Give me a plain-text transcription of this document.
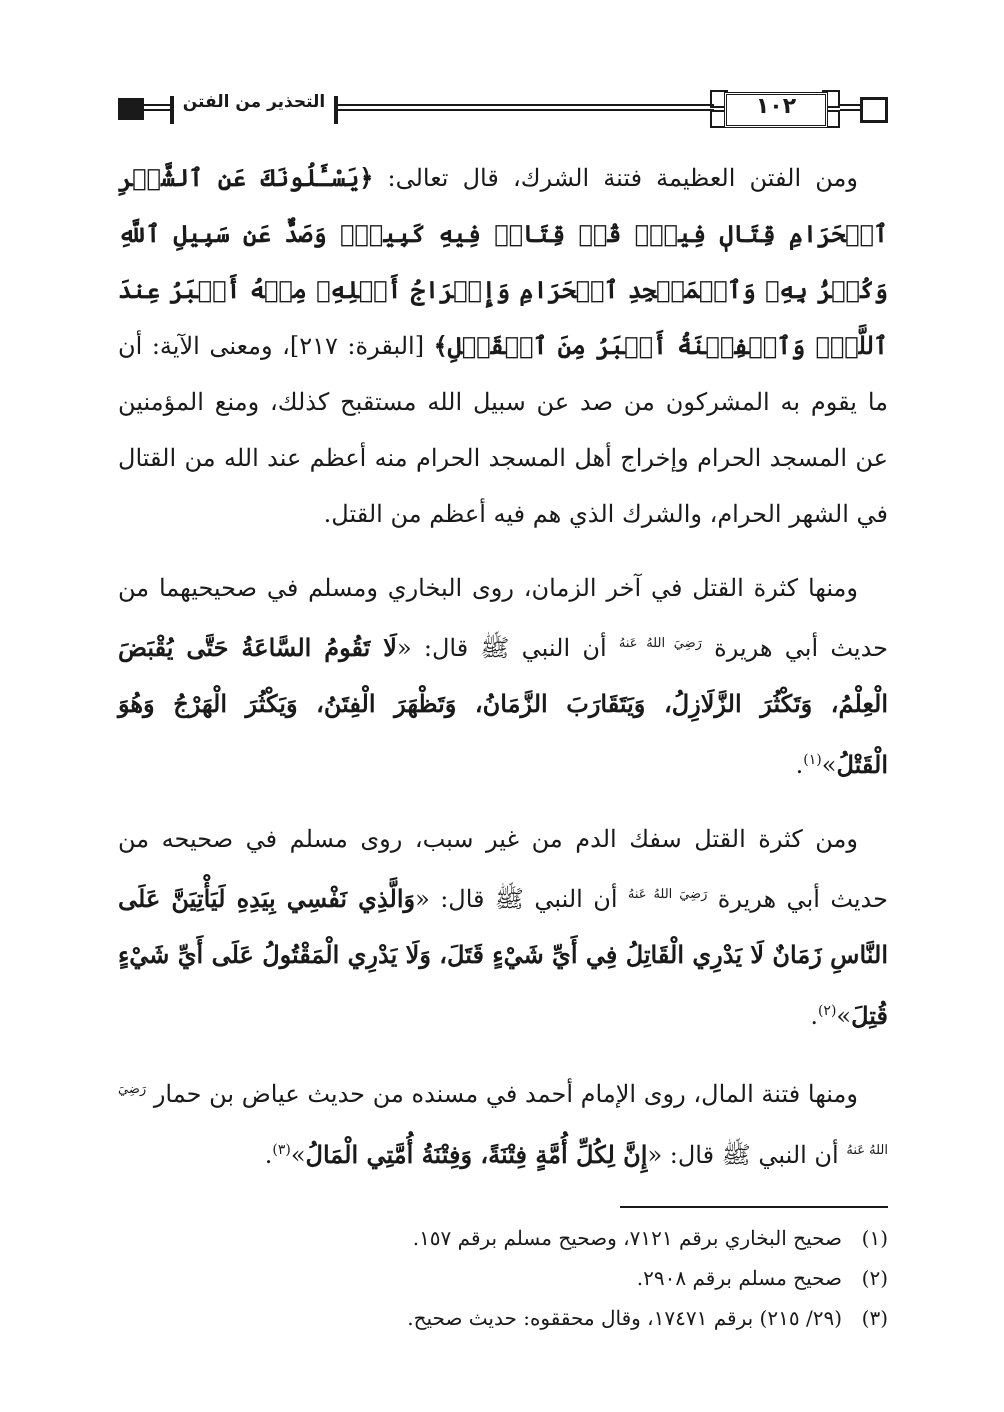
التحذير من الفتن	١٠٢

ومن الفتن العظيمة فتنة الشرك، قال تعالى: ﴿يَسْـَٔلُونَكَ عَنِ ٱلشَّهۡرِ ٱلۡحَرَامِ قِتَالٖ فِيهِۖ قُلۡ قِتَالٞ فِيهِ كَبِيرٞۚ وَصَدٌّ عَن سَبِيلِ ٱللَّهِ وَكُفۡرُۢ بِهِۦ وَٱلۡمَسۡجِدِ ٱلۡحَرَامِ وَإِخۡرَاجُ أَهۡلِهِۦ مِنۡهُ أَكۡبَرُ عِندَ ٱللَّهِۚ وَٱلۡفِتۡنَةُ أَكۡبَرُ مِنَ ٱلۡقَتۡلِ﴾ [البقرة: ٢١٧]، ومعنى الآية: أن ما يقوم به المشركون من صد عن سبيل الله مستقبح كذلك، ومنع المؤمنين عن المسجد الحرام وإخراج أهل المسجد الحرام منه أعظم عند الله من القتال في الشهر الحرام، والشرك الذي هم فيه أعظم من القتل.

ومنها كثرة القتل في آخر الزمان، روى البخاري ومسلم في صحيحيهما من حديث أبي هريرة $^{رَضِيَ اللهُ عَنهُ}$ أن النبي ﷺ قال: «لَا تَقُومُ السَّاعَةُ حَتَّى يُقْبَضَ الْعِلْمُ، وَتَكْثُرَ الزَّلَازِلُ، وَيَتَقَارَبَ الزَّمَانُ، وَتَظْهَرَ الْفِتَنُ، وَيَكْثُرَ الْهَرْجُ وَهُوَ الْقَتْلُ»$^{(١)}$.

ومن كثرة القتل سفك الدم من غير سبب، روى مسلم في صحيحه من حديث أبي هريرة $^{رَضِيَ اللهُ عَنهُ}$ أن النبي ﷺ قال: «وَالَّذِي نَفْسِي بِيَدِهِ لَيَأْتِيَنَّ عَلَى النَّاسِ زَمَانٌ لَا يَدْرِي الْقَاتِلُ فِي أَيِّ شَيْءٍ قَتَلَ، وَلَا يَدْرِي الْمَقْتُولُ عَلَى أَيِّ شَيْءٍ قُتِلَ»$^{(٢)}$.

ومنها فتنة المال، روى الإمام أحمد في مسنده من حديث عياض بن حمار $^{رَضِيَ اللهُ عَنهُ}$ أن النبي ﷺ قال: «إِنَّ لِكُلِّ أُمَّةٍ فِتْنَةً، وَفِتْنَةُ أُمَّتِي الْمَالُ»$^{(٣)}$.

(١)صحيح البخاري برقم ٧١٢١، وصحيح مسلم برقم ١٥٧.

(٢)صحيح مسلم برقم ٢٩٠٨.

(٣)(٢٩/ ٢١٥) برقم ١٧٤٧١، وقال محققوه: حديث صحيح.
